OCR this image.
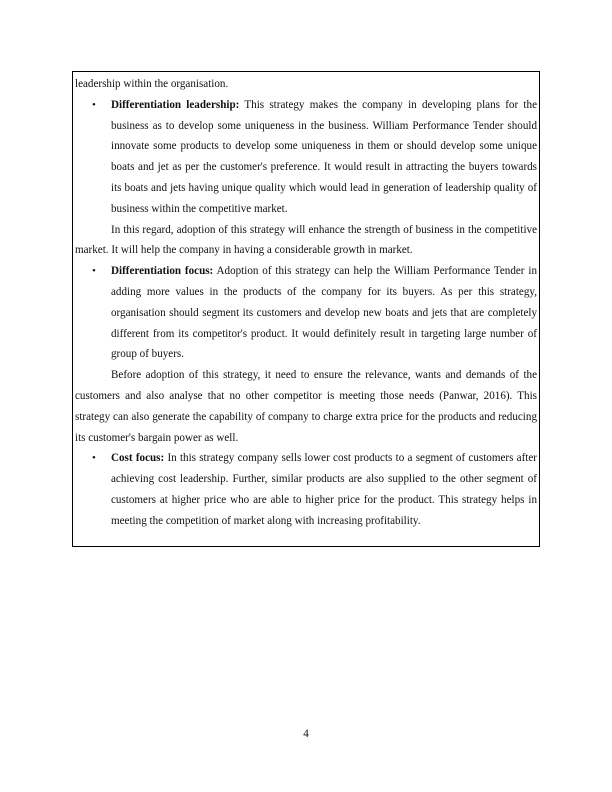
leadership within the organisation.

• Differentiation leadership: This strategy makes the company in developing plans for the business as to develop some uniqueness in the business. William Performance Tender should innovate some products to develop some uniqueness in them or should develop some unique boats and jet as per the customer's preference. It would result in attracting the buyers towards its boats and jets having unique quality which would lead in generation of leadership quality of business within the competitive market.

In this regard, adoption of this strategy will enhance the strength of business in the competitive market. It will help the company in having a considerable growth in market.

• Differentiation focus: Adoption of this strategy can help the William Performance Tender in adding more values in the products of the company for its buyers. As per this strategy, organisation should segment its customers and develop new boats and jets that are completely different from its competitor's product. It would definitely result in targeting large number of group of buyers.

Before adoption of this strategy, it need to ensure the relevance, wants and demands of the customers and also analyse that no other competitor is meeting those needs (Panwar, 2016). This strategy can also generate the capability of company to charge extra price for the products and reducing its customer's bargain power as well.

• Cost focus: In this strategy company sells lower cost products to a segment of customers after achieving cost leadership. Further, similar products are also supplied to the other segment of customers at higher price who are able to higher price for the product. This strategy helps in meeting the competition of market along with increasing profitability.

4
